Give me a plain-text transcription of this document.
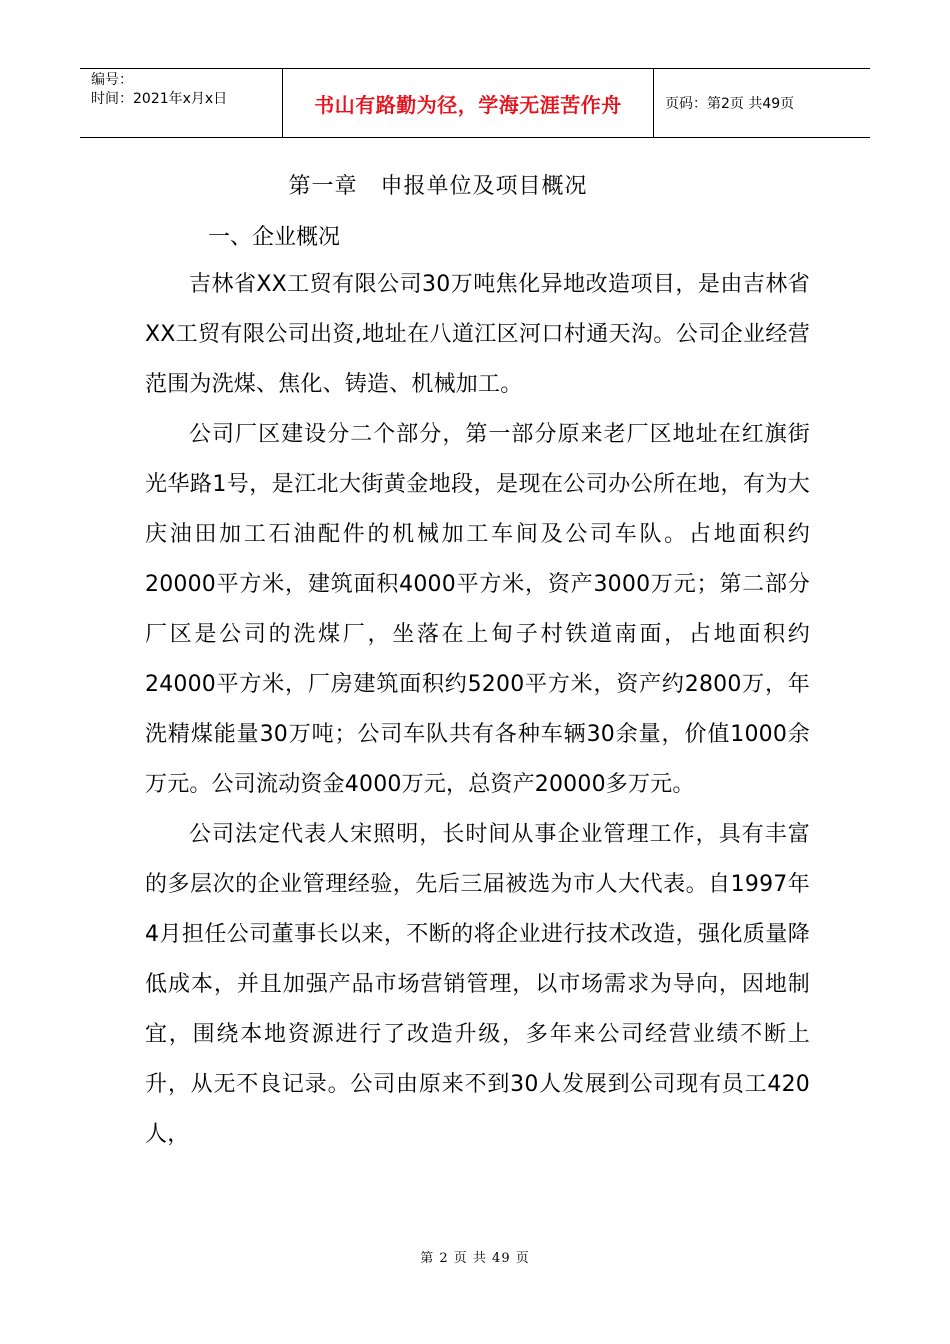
编号：
时间：2021年x月x日	书山有路勤为径，学海无涯苦作舟	页码：第2页 共49页
第一章　申报单位及项目概况
一、企业概况

吉林省XX工贸有限公司30万吨焦化异地改造项目，是由吉林省XX工贸有限公司出资,地址在八道江区河口村通天沟。公司企业经营范围为洗煤、焦化、铸造、机械加工。

公司厂区建设分二个部分，第一部分原来老厂区地址在红旗街光华路1号，是江北大街黄金地段，是现在公司办公所在地，有为大庆油田加工石油配件的机械加工车间及公司车队。占地面积约20000平方米，建筑面积4000平方米，资产3000万元；第二部分厂区是公司的洗煤厂，坐落在上甸子村铁道南面，占地面积约24000平方米，厂房建筑面积约5200平方米，资产约2800万，年洗精煤能量30万吨；公司车队共有各种车辆30余量，价值1000余万元。公司流动资金4000万元，总资产20000多万元。

公司法定代表人宋照明，长时间从事企业管理工作，具有丰富的多层次的企业管理经验，先后三届被选为市人大代表。自1997年4月担任公司董事长以来，不断的将企业进行技术改造，强化质量降低成本，并且加强产品市场营销管理，以市场需求为导向，因地制宜，围绕本地资源进行了改造升级，多年来公司经营业绩不断上升，从无不良记录。公司由原来不到30人发展到公司现有员工420人，

第 2 页 共 49 页
